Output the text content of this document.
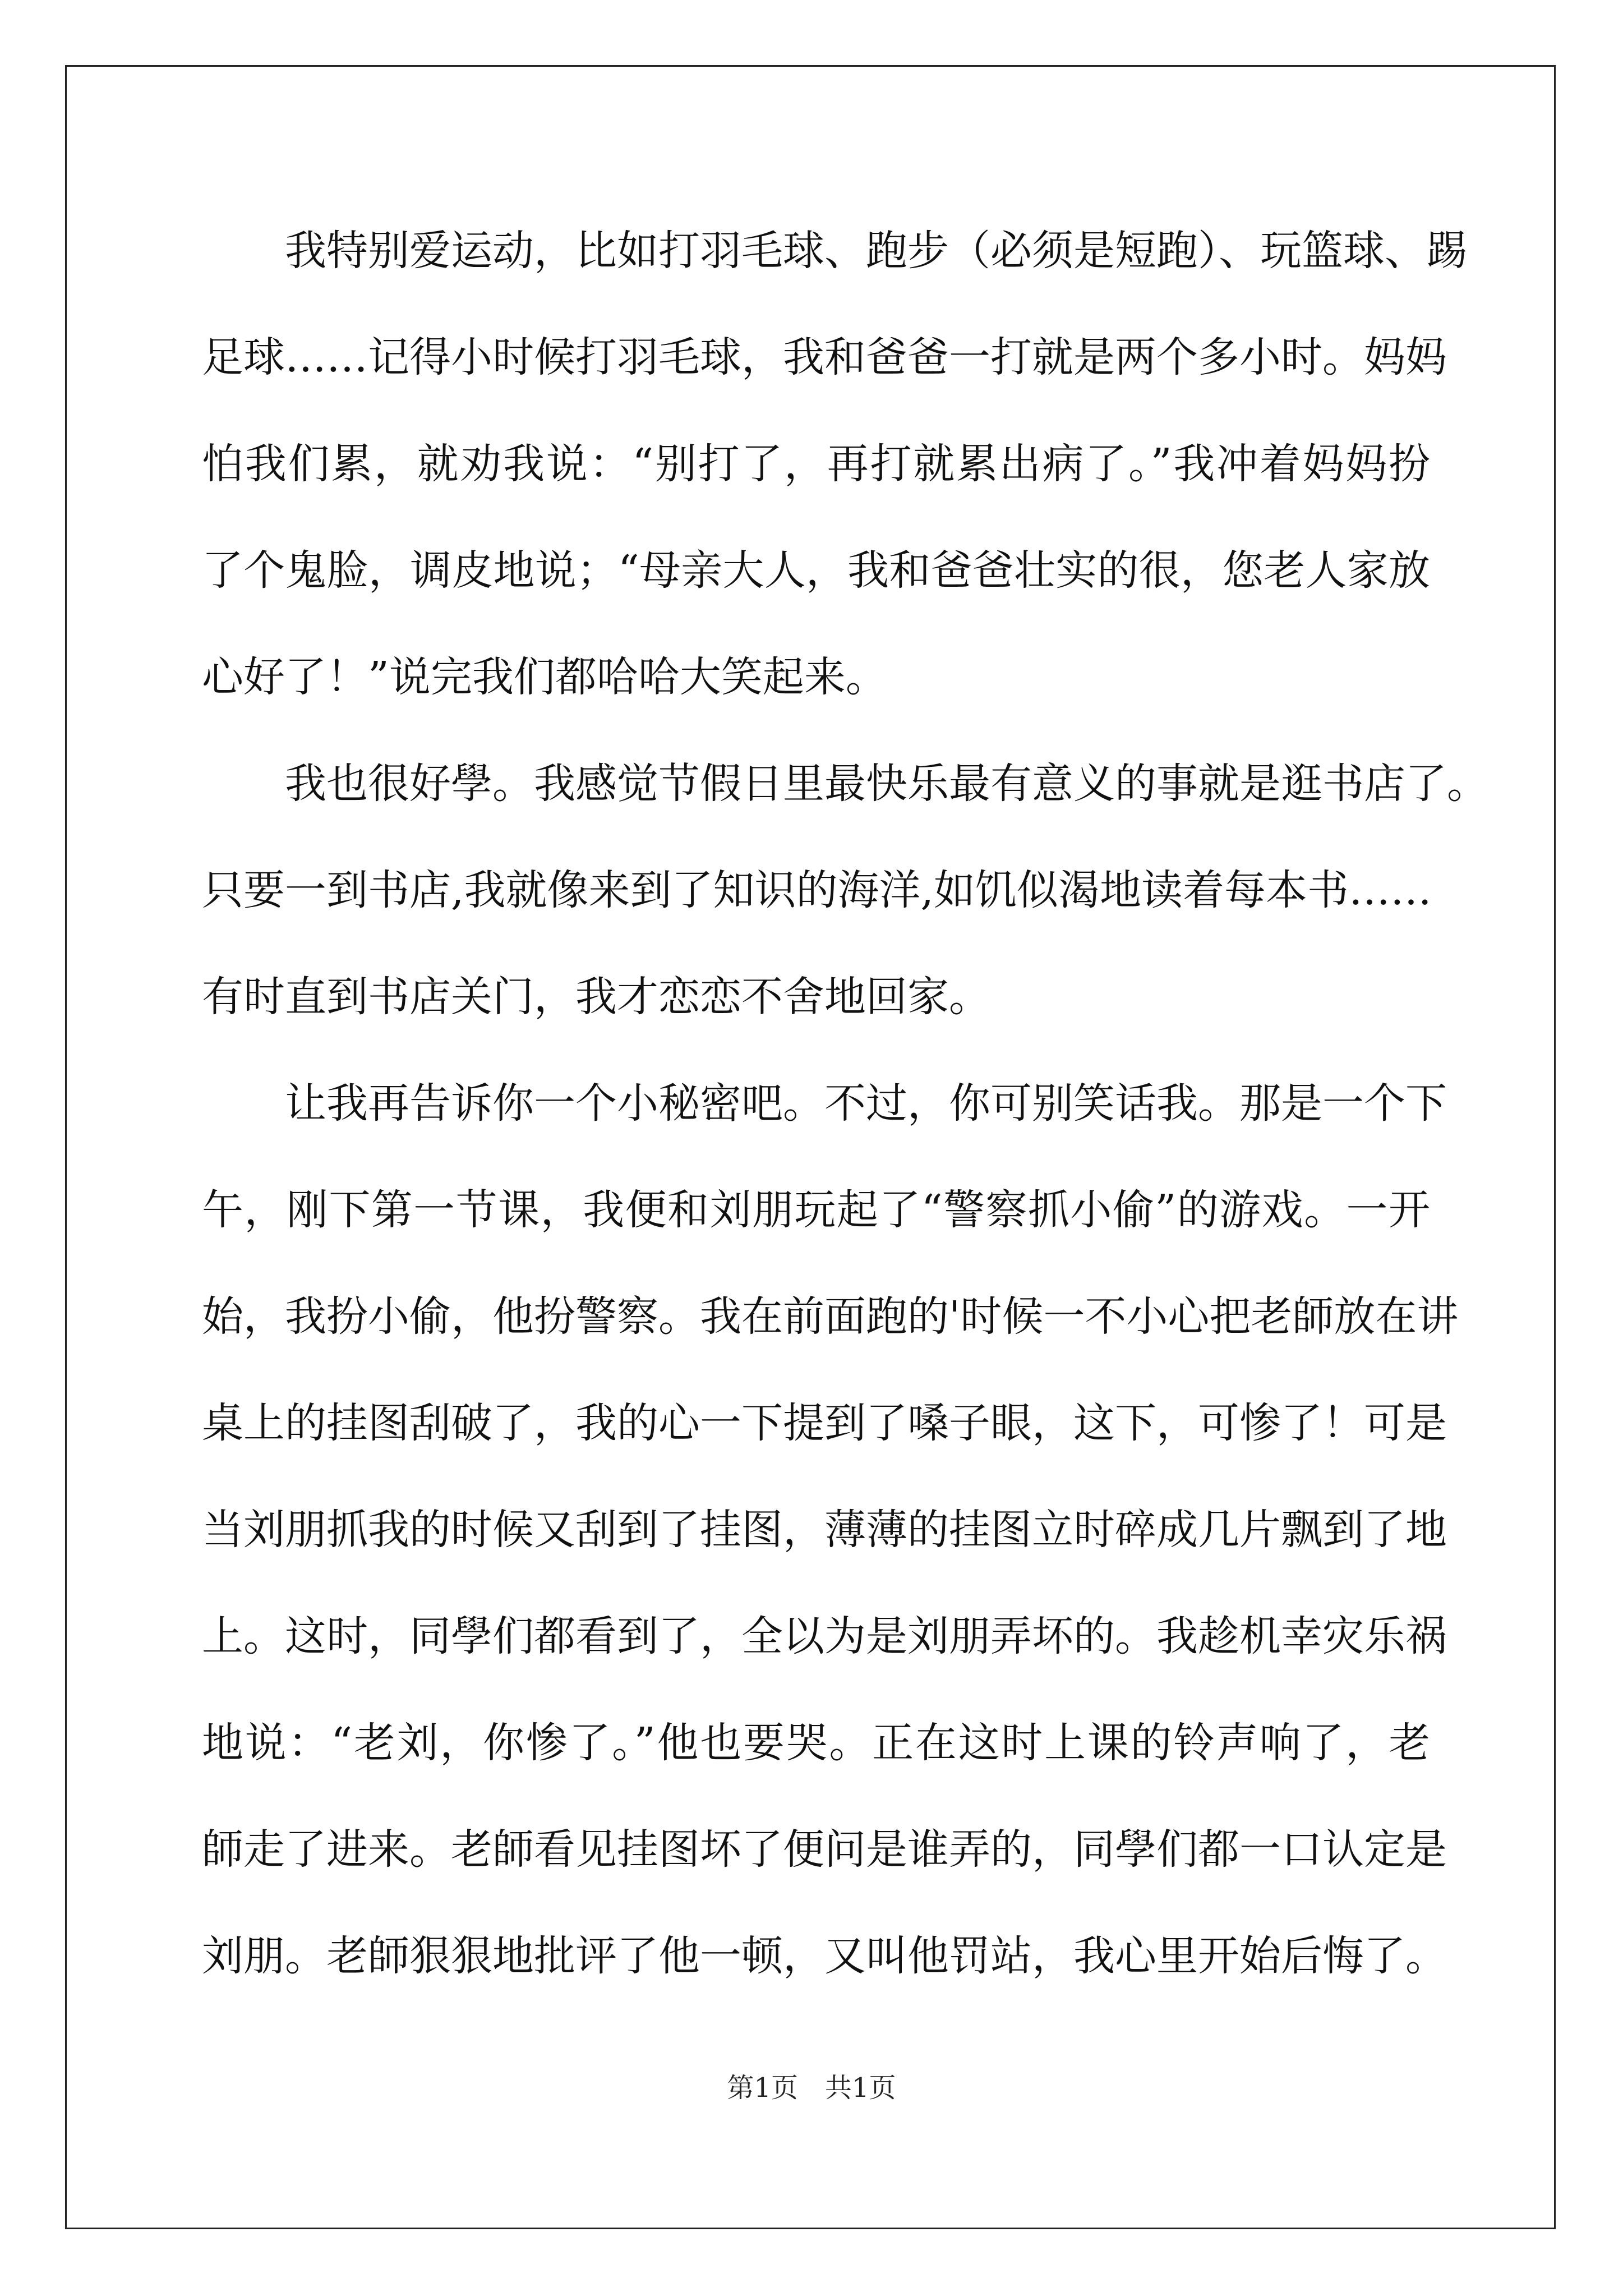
我特别爱运动，比如打羽毛球、跑步（必须是短跑）、玩篮球、踢
足球……记得小时候打羽毛球，我和爸爸一打就是两个多小时。妈妈
怕我们累，就劝我说：“别打了，再打就累出病了。”我冲着妈妈扮
了个鬼脸，调皮地说；“母亲大人，我和爸爸壮实的很，您老人家放
心好了！”说完我们都哈哈大笑起来。
我也很好學。我感觉节假日里最快乐最有意义的事就是逛书店了。
只要一到书店,我就像来到了知识的海洋,如饥似渴地读着每本书……
有时直到书店关门，我才恋恋不舍地回家。
让我再告诉你一个小秘密吧。不过，你可别笑话我。那是一个下
午，刚下第一节课，我便和刘朋玩起了“警察抓小偷”的游戏。一开
始，我扮小偷，他扮警察。我在前面跑的'时候一不小心把老師放在讲
桌上的挂图刮破了，我的心一下提到了嗓子眼，这下，可惨了！可是
当刘朋抓我的时候又刮到了挂图，薄薄的挂图立时碎成几片飘到了地
上。这时，同學们都看到了，全以为是刘朋弄坏的。我趁机幸灾乐祸
地说：“老刘，你惨了。”他也要哭。正在这时上课的铃声响了，老
師走了进来。老師看见挂图坏了便问是谁弄的，同學们都一口认定是
刘朋。老師狠狠地批评了他一顿，又叫他罚站，我心里开始后悔了。
第1页　共1页
